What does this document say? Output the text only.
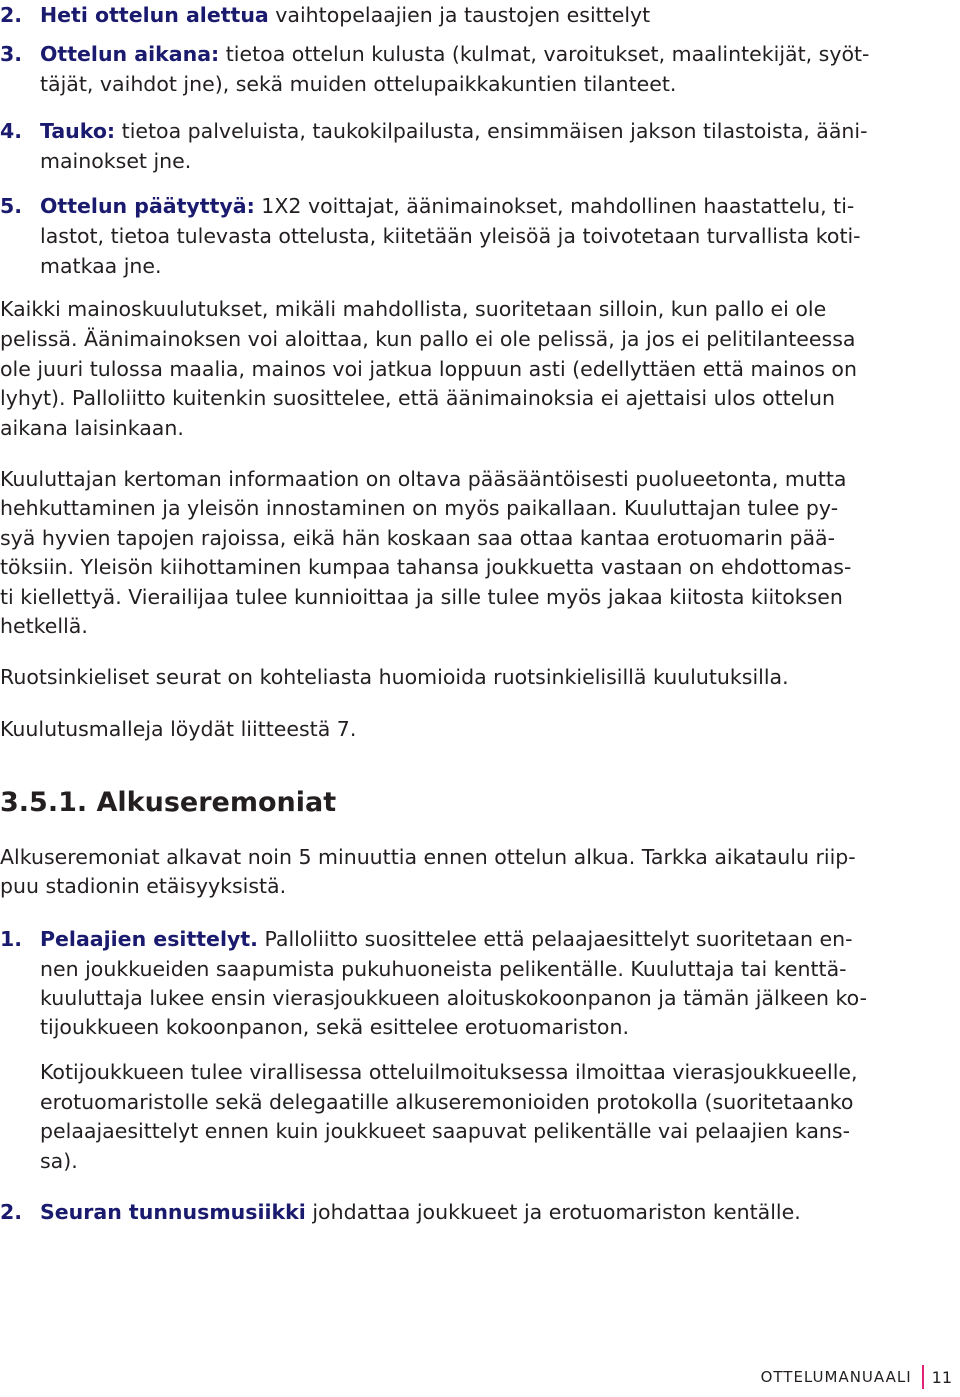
2. Heti ottelun alettua vaihtopelaajien ja taustojen esittelyt
3. Ottelun aikana: tietoa ottelun kulusta (kulmat, varoitukset, maalintekijät, syöt-
täjät, vaihdot jne), sekä muiden ottelupaikkakuntien tilanteet.
4. Tauko: tietoa palveluista, taukokilpailusta, ensimmäisen jakson tilastoista, ääni-
mainokset jne.
5. Ottelun päätyttyä: 1X2 voittajat, äänimainokset, mahdollinen haastattelu, ti-
lastot, tietoa tulevasta ottelusta, kiitetään yleisöä ja toivotetaan turvallista koti-
matkaa jne.
Kaikki mainoskuulutukset, mikäli mahdollista, suoritetaan silloin, kun pallo ei ole
pelissä. Äänimainoksen voi aloittaa, kun pallo ei ole pelissä, ja jos ei pelitilanteessa
ole juuri tulossa maalia, mainos voi jatkua loppuun asti (edellyttäen että mainos on
lyhyt). Palloliitto kuitenkin suosittelee, että äänimainoksia ei ajettaisi ulos ottelun
aikana laisinkaan.
Kuuluttajan kertoman informaation on oltava pääsääntöisesti puolueetonta, mutta
hehkuttaminen ja yleisön innostaminen on myös paikallaan. Kuuluttajan tulee py-
syä hyvien tapojen rajoissa, eikä hän koskaan saa ottaa kantaa erotuomarin pää-
töksiin. Yleisön kiihottaminen kumpaa tahansa joukkuetta vastaan on ehdottomas-
ti kiellettyä. Vierailijaa tulee kunnioittaa ja sille tulee myös jakaa kiitosta kiitoksen
hetkellä.
Ruotsinkieliset seurat on kohteliasta huomioida ruotsinkielisillä kuulutuksilla.
Kuulutusmalleja löydät liitteestä 7.
3.5.1. Alkuseremoniat
Alkuseremoniat alkavat noin 5 minuuttia ennen ottelun alkua. Tarkka aikataulu riip-
puu stadionin etäisyyksistä.
1. Pelaajien esittelyt. Palloliitto suosittelee että pelaajaesittelyt suoritetaan en-
nen joukkueiden saapumista pukuhuoneista pelikentälle. Kuuluttaja tai kenttä-
kuuluttaja lukee ensin vierasjoukkueen aloituskokoonpanon ja tämän jälkeen ko-
tijoukkueen kokoonpanon, sekä esittelee erotuomariston.
Kotijoukkueen tulee virallisessa otteluilmoituksessa ilmoittaa vierasjoukkueelle,
erotuomaristolle sekä delegaatille alkuseremonioiden protokolla (suoritetaanko
pelaajaesittelyt ennen kuin joukkueet saapuvat pelikentälle vai pelaajien kans-
sa).
2. Seuran tunnusmusiikki johdattaa joukkueet ja erotuomariston kentälle.
OTTELUMANUAALI 11
